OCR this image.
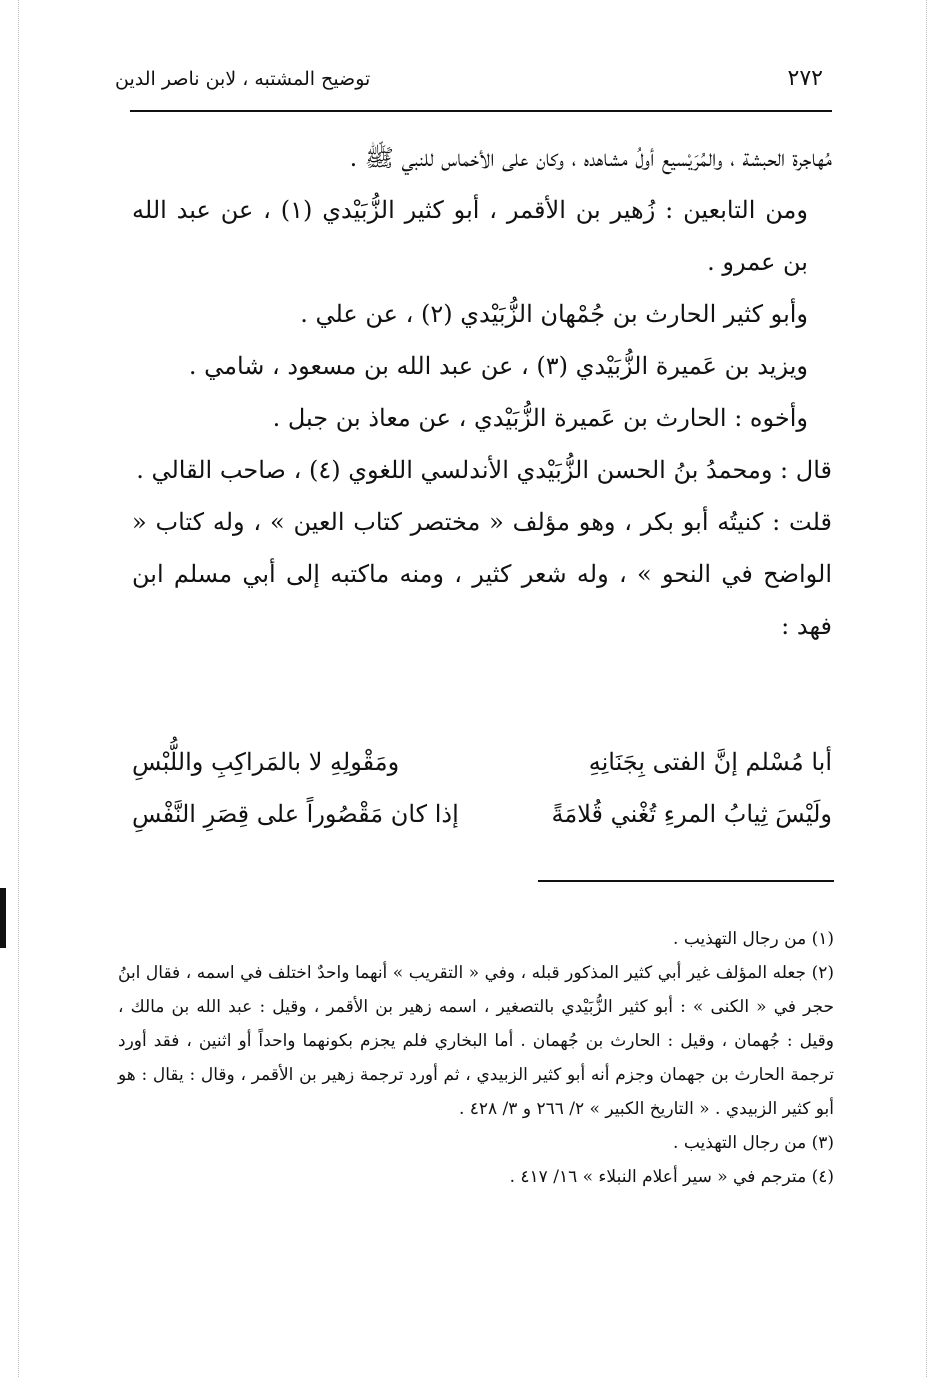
٢٧٢
توضيح المشتبه ، لابن ناصر الدين

مُهاجرة الحبشة ، والمُرَيْسيع أولُ مشاهده ، وكان على الأخماس للنبي ﷺ .

ومن التابعين : زُهير بن الأقمر ، أبو كثير الزُّبَيْدي (١) ، عن عبد الله بن عمرو .

وأبو كثير الحارث بن جُمْهان الزُّبَيْدي (٢) ، عن علي .

ويزيد بن عَميرة الزُّبَيْدي (٣) ، عن عبد الله بن مسعود ، شامي .

وأخوه : الحارث بن عَميرة الزُّبَيْدي ، عن معاذ بن جبل .

قال : ومحمدُ بنُ الحسن الزُّبَيْدي الأندلسي اللغوي (٤) ، صاحب القالي .

قلت : كنيتُه أبو بكر ، وهو مؤلف « مختصر كتاب العين » ، وله كتاب « الواضح في النحو » ، وله شعر كثير ، ومنه ماكتبه إلى أبي مسلم ابن فهد :

أبا مُسْلم إنَّ الفتى بِجَنَانِهِ
ومَقْولِهِ لا بالمَراكِبِ واللُّبْسِ
ولَيْسَ ثِيابُ المرءِ تُغْني قُلامَةً
إذا كان مَقْصُوراً على قِصَرِ النَّفْسِ

(١) من رجال التهذيب .

(٢) جعله المؤلف غير أبي كثير المذكور قبله ، وفي « التقريب » أنهما واحدٌ اختلف في اسمه ، فقال ابنُ حجر في « الكنى » : أبو كثير الزُّبَيْدي بالتصغير ، اسمه زهير بن الأقمر ، وقيل : عبد الله بن مالك ، وقيل : جُهمان ، وقيل : الحارث بن جُهمان . أما البخاري فلم يجزم بكونهما واحداً أو اثنين ، فقد أورد ترجمة الحارث بن جهمان وجزم أنه أبو كثير الزبيدي ، ثم أورد ترجمة زهير بن الأقمر ، وقال : يقال : هو أبو كثير الزبيدي . « التاريخ الكبير » ٢/ ٢٦٦ و ٣/ ٤٢٨ .

(٣) من رجال التهذيب .

(٤) مترجم في « سير أعلام النبلاء » ١٦/ ٤١٧ .
